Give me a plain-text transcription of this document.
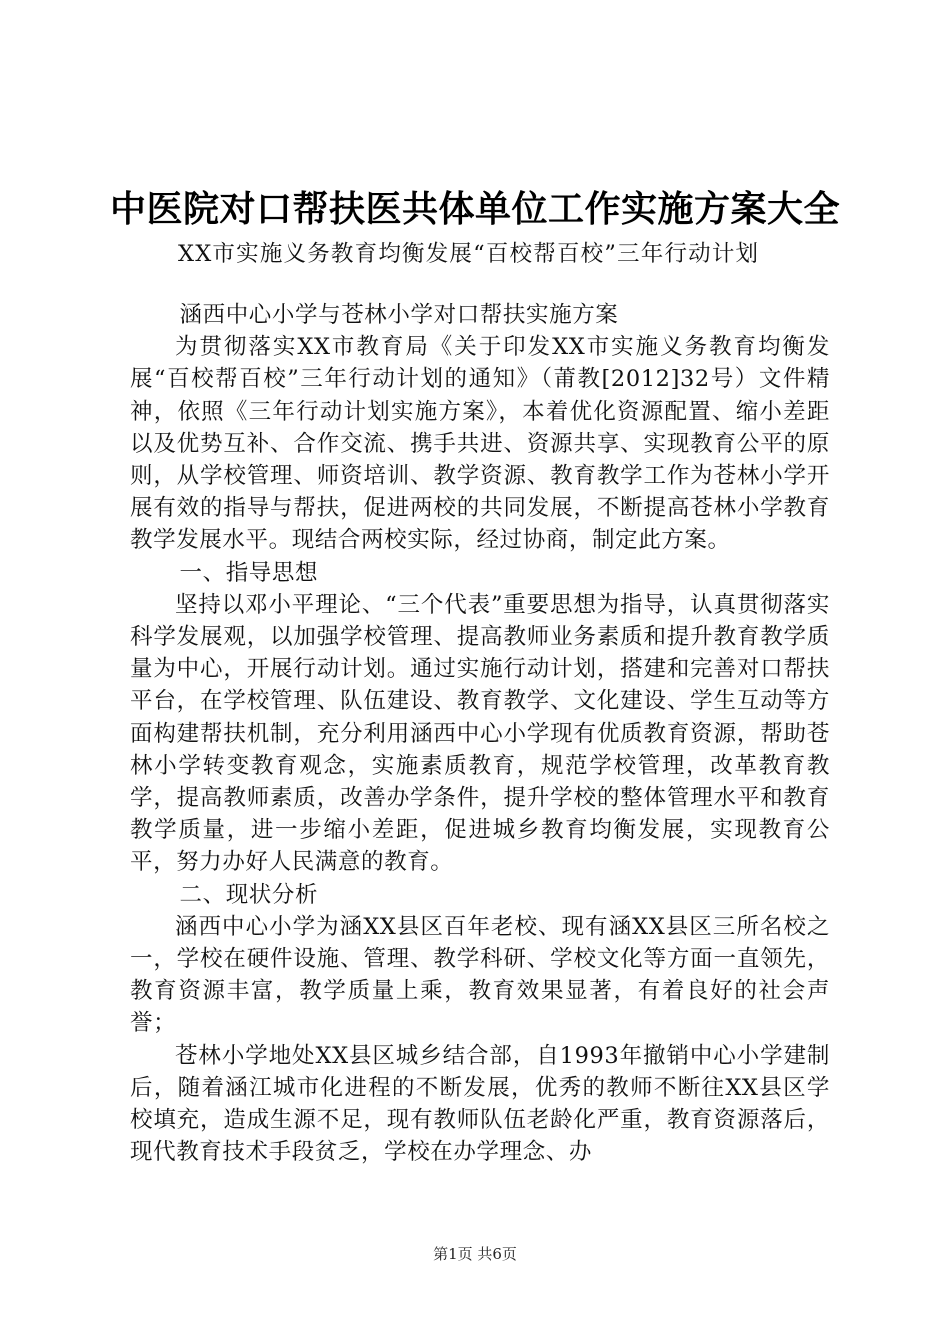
中医院对口帮扶医共体单位工作实施方案大全
XX市实施义务教育均衡发展“百校帮百校”三年行动计划

涵西中心小学与苍林小学对口帮扶实施方案

为贯彻落实XX市教育局《关于印发XX市实施义务教育均衡发展“百校帮百校”三年行动计划的通知》（莆教[2012]32号）文件精神，依照《三年行动计划实施方案》，本着优化资源配置、缩小差距以及优势互补、合作交流、携手共进、资源共享、实现教育公平的原则，从学校管理、师资培训、教学资源、教育教学工作为苍林小学开展有效的指导与帮扶，促进两校的共同发展，不断提高苍林小学教育教学发展水平。现结合两校实际，经过协商，制定此方案。

一、指导思想

坚持以邓小平理论、“三个代表”重要思想为指导，认真贯彻落实科学发展观，以加强学校管理、提高教师业务素质和提升教育教学质量为中心，开展行动计划。通过实施行动计划，搭建和完善对口帮扶平台，在学校管理、队伍建设、教育教学、文化建设、学生互动等方面构建帮扶机制，充分利用涵西中心小学现有优质教育资源，帮助苍林小学转变教育观念，实施素质教育，规范学校管理，改革教育教学，提高教师素质，改善办学条件，提升学校的整体管理水平和教育教学质量，进一步缩小差距，促进城乡教育均衡发展，实现教育公平，努力办好人民满意的教育。

二、现状分析

涵西中心小学为涵XX县区百年老校、现有涵XX县区三所名校之一，学校在硬件设施、管理、教学科研、学校文化等方面一直领先，教育资源丰富，教学质量上乘，教育效果显著，有着良好的社会声誉；

苍林小学地处XX县区城乡结合部，自1993年撤销中心小学建制后，随着涵江城市化进程的不断发展，优秀的教师不断往XX县区学校填充，造成生源不足，现有教师队伍老龄化严重，教育资源落后，现代教育技术手段贫乏，学校在办学理念、办

第1页 共6页
